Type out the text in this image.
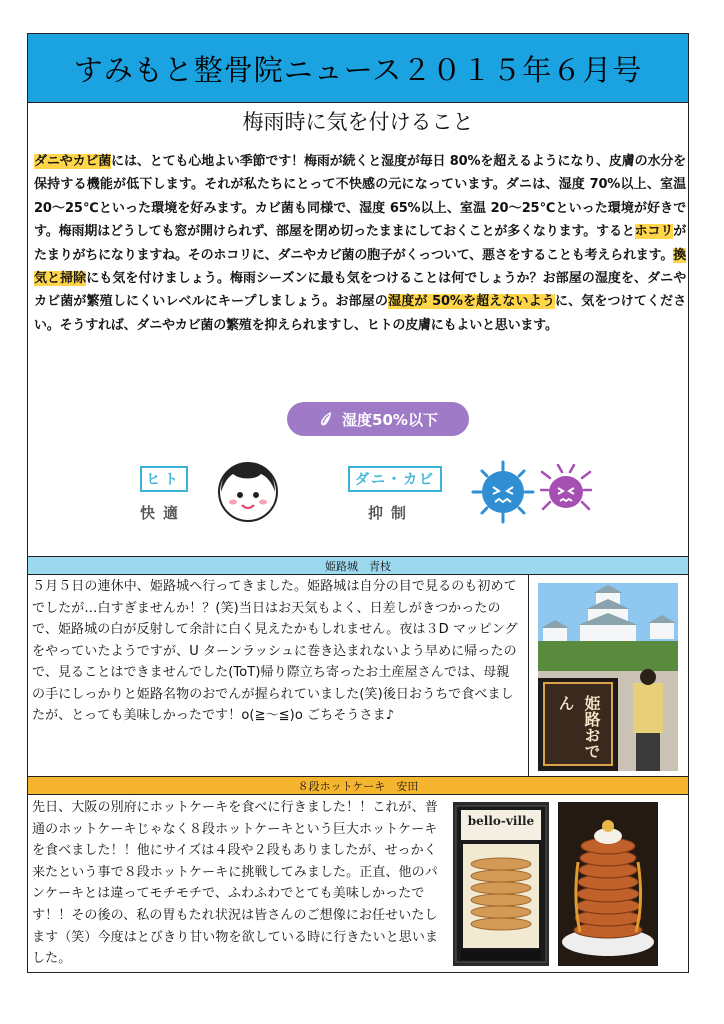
すみもと整骨院ニュース２０１５年６月号
梅雨時に気を付けること
ダニやカビ菌には、とても心地よい季節です！梅雨が続くと湿度が毎日 80%を超えるようになり、皮膚の水分を保持する機能が低下します。それが私たちにとって不快感の元になっています。ダニは、湿度 70%以上、室温 20～25℃といった環境を好みます。カビ菌も同様で、湿度 65%以上、室温 20～25℃といった環境が好きです。梅雨期はどうしても窓が開けられず、部屋を閉め切ったままにしておくことが多くなります。するとホコリがたまりがちになりますね。そのホコリに、ダニやカビ菌の胞子がくっついて、悪さをすることも考えられます。換気と掃除にも気を付けましょう。梅雨シーズンに最も気をつけることは何でしょうか？お部屋の湿度を、ダニやカビ菌が繁殖しにくいレベルにキープしましょう。お部屋の湿度が 50%を超えないように、気をつけてください。そうすれば、ダニやカビ菌の繁殖を抑えられますし、ヒトの皮膚にもよいと思います。
湿度50%以下
ヒト
快適
ダニ・カビ
抑制
姫路城　青枝
５月５日の連休中、姫路城へ行ってきました。姫路城は自分の目で見るのも初めてでしたが…白すぎませんか！？(笑)当日はお天気もよく、日差しがきつかったので、姫路城の白が反射して余計に白く見えたかもしれません。夜は３D マッピングをやっていたようですが、U ターンラッシュに巻き込まれないよう早めに帰ったので、見ることはできませんでした(ToT)帰り際立ち寄ったお土産屋さんでは、母親の手にしっかりと姫路名物のおでんが握られていました(笑)後日おうちで食べましたが、とっても美味しかったです！o(≧～≦)o ごちそうさま♪	姫路おでん
８段ホットケーキ　安田
先日、大阪の別府にホットケーキを食べに行きました！！これが、普通のホットケーキじゃなく８段ホットケーキという巨大ホットケーキを食べました！！他にサイズは４段や２段もありましたが、せっかく来たという事で８段ホットケーキに挑戦してみました。正直、他のパンケーキとは違ってモチモチで、ふわふわでとても美味しかったです！！その後の、私の胃もたれ状況は皆さんのご想像にお任せいたします（笑）今度はとびきり甘い物を欲している時に行きたいと思いました。
bello-ville
